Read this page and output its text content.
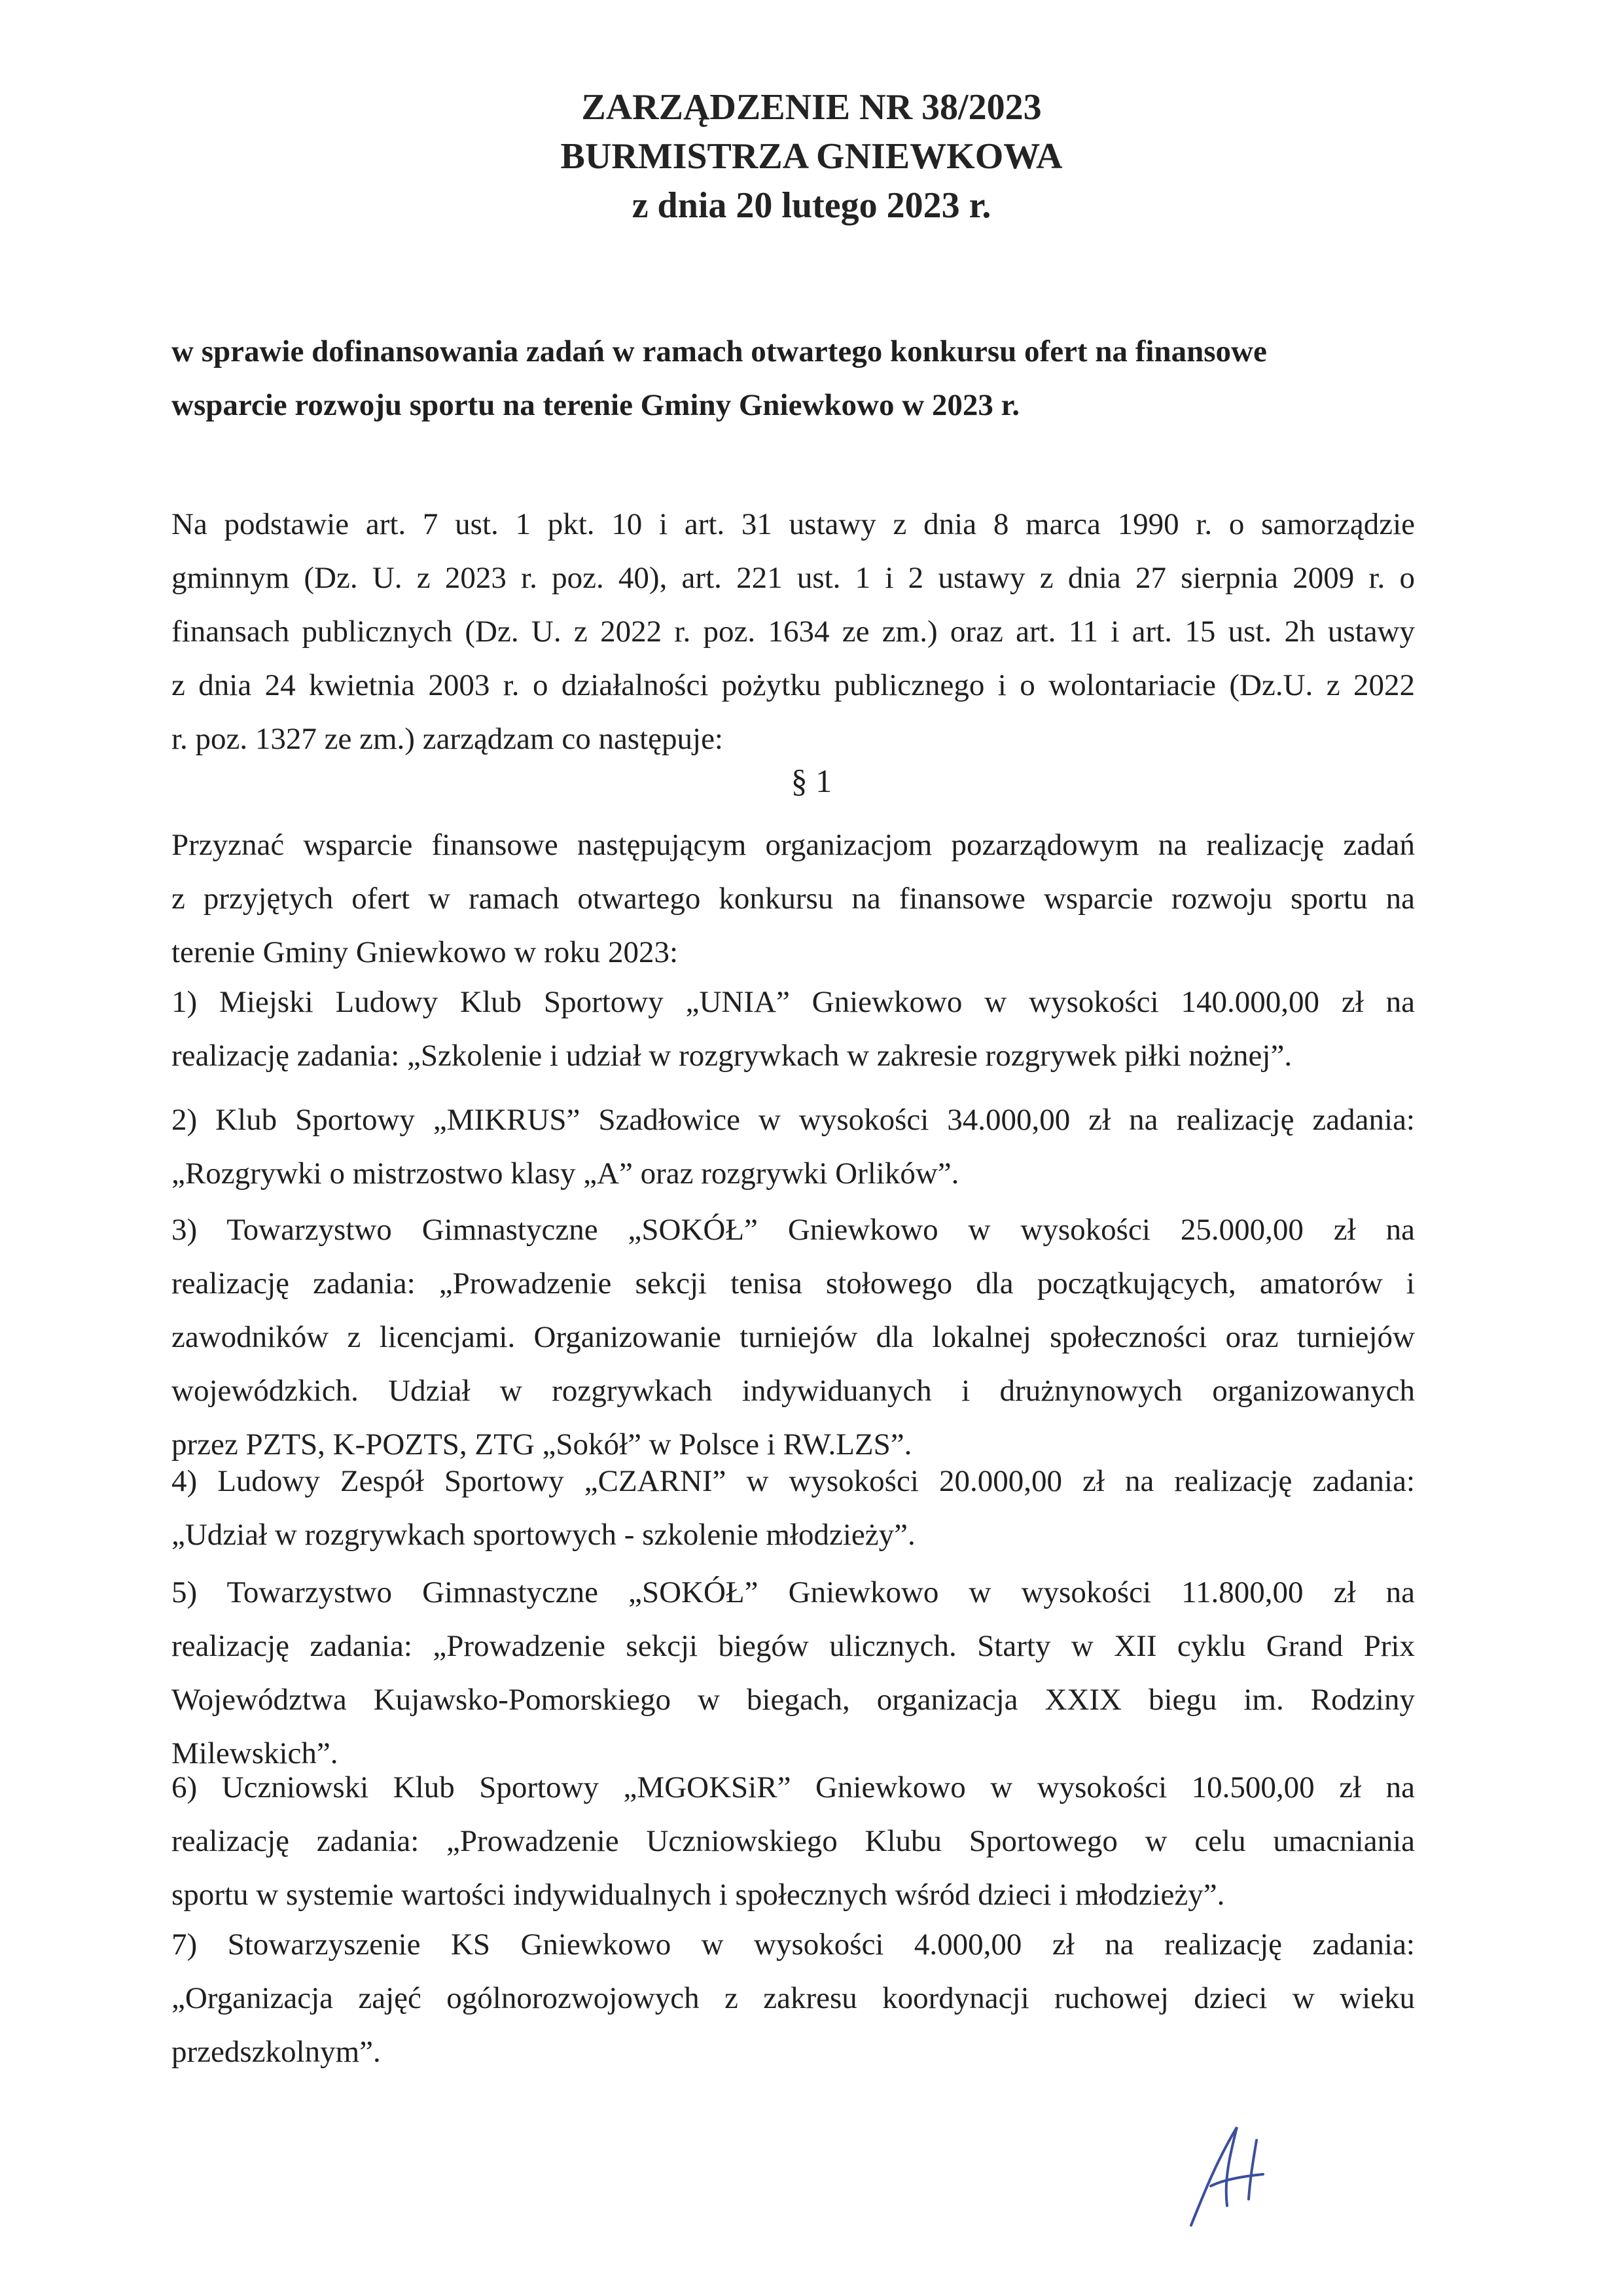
ZARZĄDZENIE NR 38/2023
BURMISTRZA GNIEWKOWA
z dnia 20 lutego 2023 r.
w sprawie dofinansowania zadań w ramach otwartego konkursu ofert na finansowe
wsparcie rozwoju sportu na terenie Gminy Gniewkowo w 2023 r.
Na podstawie art. 7 ust. 1 pkt. 10 i art. 31 ustawy z dnia 8 marca 1990 r. o samorządzie
gminnym (Dz. U. z 2023 r. poz. 40), art. 221 ust. 1 i 2 ustawy z dnia 27 sierpnia 2009 r. o
finansach publicznych (Dz. U. z 2022 r. poz. 1634 ze zm.) oraz art. 11 i art. 15 ust. 2h ustawy
z dnia 24 kwietnia 2003 r. o działalności pożytku publicznego i o wolontariacie (Dz.U. z 2022
r. poz. 1327 ze zm.) zarządzam co następuje:
§ 1
Przyznać wsparcie finansowe następującym organizacjom pozarządowym na realizację zadań
z przyjętych ofert w ramach otwartego konkursu na finansowe wsparcie rozwoju sportu na
terenie Gminy Gniewkowo w roku 2023:
1) Miejski Ludowy Klub Sportowy „UNIA” Gniewkowo w wysokości 140.000,00 zł na
realizację zadania: „Szkolenie i udział w rozgrywkach w zakresie rozgrywek piłki nożnej”.
2) Klub Sportowy „MIKRUS” Szadłowice w wysokości 34.000,00 zł na realizację zadania:
„Rozgrywki o mistrzostwo klasy „A” oraz rozgrywki Orlików”.
3) Towarzystwo Gimnastyczne „SOKÓŁ” Gniewkowo w wysokości 25.000,00 zł na
realizację zadania: „Prowadzenie sekcji tenisa stołowego dla początkujących, amatorów i
zawodników z licencjami. Organizowanie turniejów dla lokalnej społeczności oraz turniejów
wojewódzkich. Udział w rozgrywkach indywiduanych i drużnynowych organizowanych
przez PZTS, K-POZTS, ZTG „Sokół” w Polsce i RW.LZS”.
4) Ludowy Zespół Sportowy „CZARNI” w wysokości 20.000,00 zł na realizację zadania:
„Udział w rozgrywkach sportowych - szkolenie młodzieży”.
5) Towarzystwo Gimnastyczne „SOKÓŁ” Gniewkowo w wysokości 11.800,00 zł na
realizację zadania: „Prowadzenie sekcji biegów ulicznych. Starty w XII cyklu Grand Prix
Województwa Kujawsko-Pomorskiego w biegach, organizacja XXIX biegu im. Rodziny
Milewskich”.
6) Uczniowski Klub Sportowy „MGOKSiR” Gniewkowo w wysokości 10.500,00 zł na
realizację zadania: „Prowadzenie Uczniowskiego Klubu Sportowego w celu umacniania
sportu w systemie wartości indywidualnych i społecznych wśród dzieci i młodzieży”.
7) Stowarzyszenie KS Gniewkowo w wysokości 4.000,00 zł na realizację zadania:
„Organizacja zajęć ogólnorozwojowych z zakresu koordynacji ruchowej dzieci w wieku
przedszkolnym”.
